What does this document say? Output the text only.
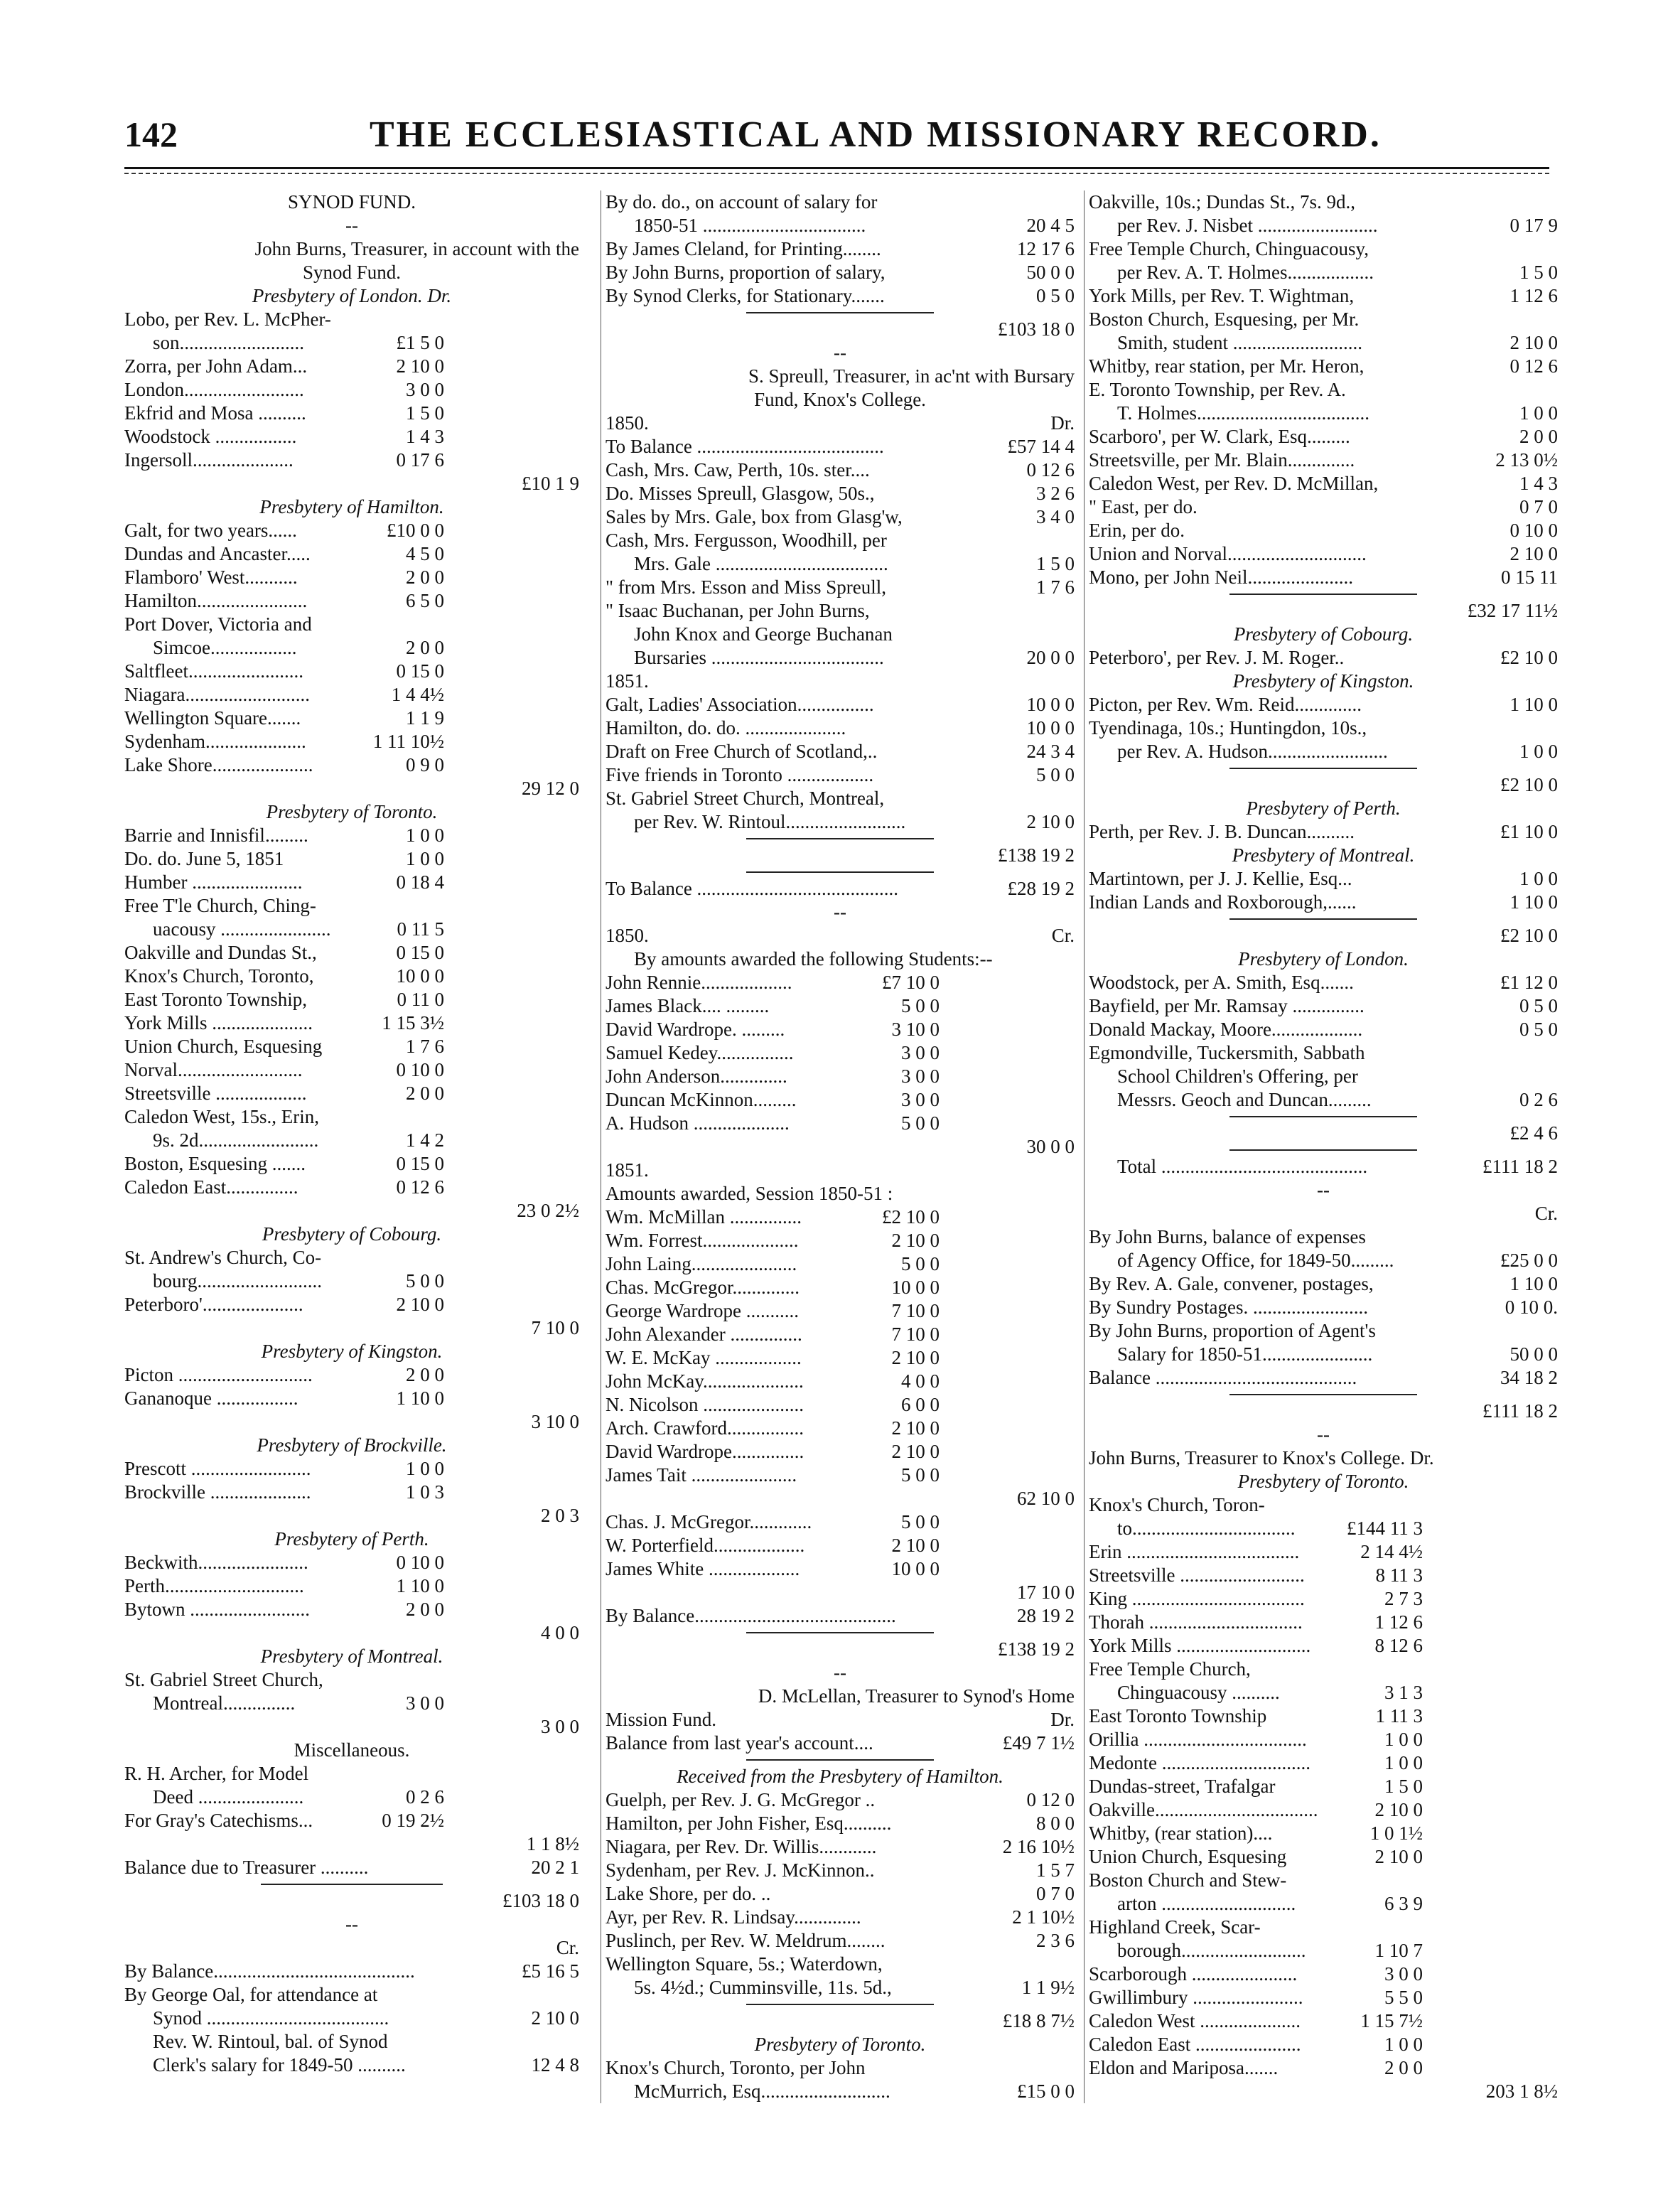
142	THE ECCLESIASTICAL AND MISSIONARY RECORD.
SYNOD FUND.
--
John Burns, Treasurer, in account with the
Synod Fund.
Presbytery of London. Dr.
Lobo, per Rev. L. McPher-
son..........................	£1 5 0
Zorra, per John Adam...	2 10 0
London.........................	3 0 0
Ekfrid and Mosa ..........	1 5 0
Woodstock .................	1 4 3
Ingersoll.....................	0 17 6
£10 1 9
Presbytery of Hamilton.
Galt, for two years......	£10 0 0
Dundas and Ancaster.....	4 5 0
Flamboro' West...........	2 0 0
Hamilton.......................	6 5 0
Port Dover, Victoria and
Simcoe..................	2 0 0
Saltfleet........................	0 15 0
Niagara..........................	1 4 4½
Wellington Square.......	1 1 9
Sydenham.....................	1 11 10½
Lake Shore.....................	0 9 0
29 12 0
Presbytery of Toronto.
Barrie and Innisfil.........	1 0 0
Do. do. June 5, 1851	1 0 0
Humber .......................	0 18 4
Free T'le Church, Ching-
uacousy .......................	0 11 5
Oakville and Dundas St.,	0 15 0
Knox's Church, Toronto,	10 0 0
East Toronto Township,	0 11 0
York Mills .....................	1 15 3½
Union Church, Esquesing	1 7 6
Norval..........................	0 10 0
Streetsville ...................	2 0 0
Caledon West, 15s., Erin,
9s. 2d.........................	1 4 2
Boston, Esquesing .......	0 15 0
Caledon East...............	0 12 6
23 0 2½
Presbytery of Cobourg.
St. Andrew's Church, Co-
bourg..........................	5 0 0
Peterboro'.....................	2 10 0
7 10 0
Presbytery of Kingston.
Picton ............................	2 0 0
Gananoque .................	1 10 0
3 10 0
Presbytery of Brockville.
Prescott .........................	1 0 0
Brockville .....................	1 0 3
2 0 3
Presbytery of Perth.
Beckwith.......................	0 10 0
Perth.............................	1 10 0
Bytown .........................	2 0 0
4 0 0
Presbytery of Montreal.
St. Gabriel Street Church,
Montreal...............	3 0 0
3 0 0
Miscellaneous.
R. H. Archer, for Model
Deed ......................	0 2 6
For Gray's Catechisms...	0 19 2½
1 1 8½
Balance due to Treasurer ..........	20 2 1
£103 18 0
--
Cr.
By Balance..........................................	£5 16 5
By George Oal, for attendance at
Synod ......................................	2 10 0
Rev. W. Rintoul, bal. of Synod
Clerk's salary for 1849-50 ..........	12 4 8
By do. do., on account of salary for
1850-51 ..................................	20 4 5
By James Cleland, for Printing........	12 17 6
By John Burns, proportion of salary,	50 0 0
By Synod Clerks, for Stationary.......	0 5 0
£103 18 0
--
S. Spreull, Treasurer, in ac'nt with Bursary
Fund, Knox's College.
1850.	Dr.
To Balance .......................................	£57 14 4
Cash, Mrs. Caw, Perth, 10s. ster....	0 12 6
Do. Misses Spreull, Glasgow, 50s.,	3 2 6
Sales by Mrs. Gale, box from Glasg'w,	3 4 0
Cash, Mrs. Fergusson, Woodhill, per
Mrs. Gale ....................................	1 5 0
" from Mrs. Esson and Miss Spreull,	1 7 6
" Isaac Buchanan, per John Burns,
John Knox and George Buchanan
Bursaries ....................................	20 0 0
1851.
Galt, Ladies' Association................	10 0 0
Hamilton, do. do. .....................	10 0 0
Draft on Free Church of Scotland,..	24 3 4
Five friends in Toronto ..................	5 0 0
St. Gabriel Street Church, Montreal,
per Rev. W. Rintoul.........................	2 10 0
£138 19 2
To Balance ..........................................	£28 19 2
--
1850.	Cr.
By amounts awarded the following Students:--
John Rennie...................	£7 10 0
James Black.... .........	5 0 0
David Wardrope. .........	3 10 0
Samuel Kedey................	3 0 0
John Anderson..............	3 0 0
Duncan McKinnon.........	3 0 0
A. Hudson ....................	5 0 0
30 0 0
1851.
Amounts awarded, Session 1850-51 :
Wm. McMillan ...............	£2 10 0
Wm. Forrest....................	2 10 0
John Laing......................	5 0 0
Chas. McGregor..............	10 0 0
George Wardrope ...........	7 10 0
John Alexander ...............	7 10 0
W. E. McKay ..................	2 10 0
John McKay.....................	4 0 0
N. Nicolson .....................	6 0 0
Arch. Crawford................	2 10 0
David Wardrope...............	2 10 0
James Tait ......................	5 0 0
62 10 0
Chas. J. McGregor.............	5 0 0
W. Porterfield...................	2 10 0
James White ...................	10 0 0
17 10 0
By Balance..........................................	28 19 2
£138 19 2
--
D. McLellan, Treasurer to Synod's Home
Mission Fund.	Dr.
Balance from last year's account....	£49 7 1½
Received from the Presbytery of Hamilton.
Guelph, per Rev. J. G. McGregor ..	0 12 0
Hamilton, per John Fisher, Esq..........	8 0 0
Niagara, per Rev. Dr. Willis............	2 16 10½
Sydenham, per Rev. J. McKinnon..	1 5 7
Lake Shore, per do. ..	0 7 0
Ayr, per Rev. R. Lindsay..............	2 1 10½
Puslinch, per Rev. W. Meldrum........	2 3 6
Wellington Square, 5s.; Waterdown,
5s. 4½d.; Cumminsville, 11s. 5d.,	1 1 9½
£18 8 7½
Presbytery of Toronto.
Knox's Church, Toronto, per John
McMurrich, Esq...........................	£15 0 0
Oakville, 10s.; Dundas St., 7s. 9d.,
per Rev. J. Nisbet .........................	0 17 9
Free Temple Church, Chinguacousy,
per Rev. A. T. Holmes..................	1 5 0
York Mills, per Rev. T. Wightman,	1 12 6
Boston Church, Esquesing, per Mr.
Smith, student ...........................	2 10 0
Whitby, rear station, per Mr. Heron,	0 12 6
E. Toronto Township, per Rev. A.
T. Holmes....................................	1 0 0
Scarboro', per W. Clark, Esq.........	2 0 0
Streetsville, per Mr. Blain..............	2 13 0½
Caledon West, per Rev. D. McMillan,	1 4 3
" East, per do.	0 7 0
Erin, per do.	0 10 0
Union and Norval.............................	2 10 0
Mono, per John Neil......................	0 15 11
£32 17 11½
Presbytery of Cobourg.
Peterboro', per Rev. J. M. Roger..	£2 10 0
Presbytery of Kingston.
Picton, per Rev. Wm. Reid..............	1 10 0
Tyendinaga, 10s.; Huntingdon, 10s.,
per Rev. A. Hudson.........................	1 0 0
£2 10 0
Presbytery of Perth.
Perth, per Rev. J. B. Duncan..........	£1 10 0
Presbytery of Montreal.
Martintown, per J. J. Kellie, Esq...	1 0 0
Indian Lands and Roxborough,......	1 10 0
£2 10 0
Presbytery of London.
Woodstock, per A. Smith, Esq.......	£1 12 0
Bayfield, per Mr. Ramsay ...............	0 5 0
Donald Mackay, Moore...................	0 5 0
Egmondville, Tuckersmith, Sabbath
School Children's Offering, per
Messrs. Geoch and Duncan.........	0 2 6
£2 4 6
Total ...........................................	£111 18 2
--
Cr.
By John Burns, balance of expenses
of Agency Office, for 1849-50.........	£25 0 0
By Rev. A. Gale, convener, postages,	1 10 0
By Sundry Postages. ........................	0 10 0.
By John Burns, proportion of Agent's
Salary for 1850-51.......................	50 0 0
Balance ..........................................	34 18 2
£111 18 2
--
John Burns, Treasurer to Knox's College. Dr.
Presbytery of Toronto.
Knox's Church, Toron-
to..................................	£144 11 3
Erin ....................................	2 14 4½
Streetsville ..........................	8 11 3
King ....................................	2 7 3
Thorah ................................	1 12 6
York Mills ............................	8 12 6
Free Temple Church,
Chinguacousy ..........	3 1 3
East Toronto Township	1 11 3
Orillia ..................................	1 0 0
Medonte ...............................	1 0 0
Dundas-street, Trafalgar	1 5 0
Oakville..................................	2 10 0
Whitby, (rear station)....	1 0 1½
Union Church, Esquesing	2 10 0
Boston Church and Stew-
arton ............................	6 3 9
Highland Creek, Scar-
borough..........................	1 10 7
Scarborough ......................	3 0 0
Gwillimbury .......................	5 5 0
Caledon West .....................	1 15 7½
Caledon East ......................	1 0 0
Eldon and Mariposa.......	2 0 0
203 1 8½
